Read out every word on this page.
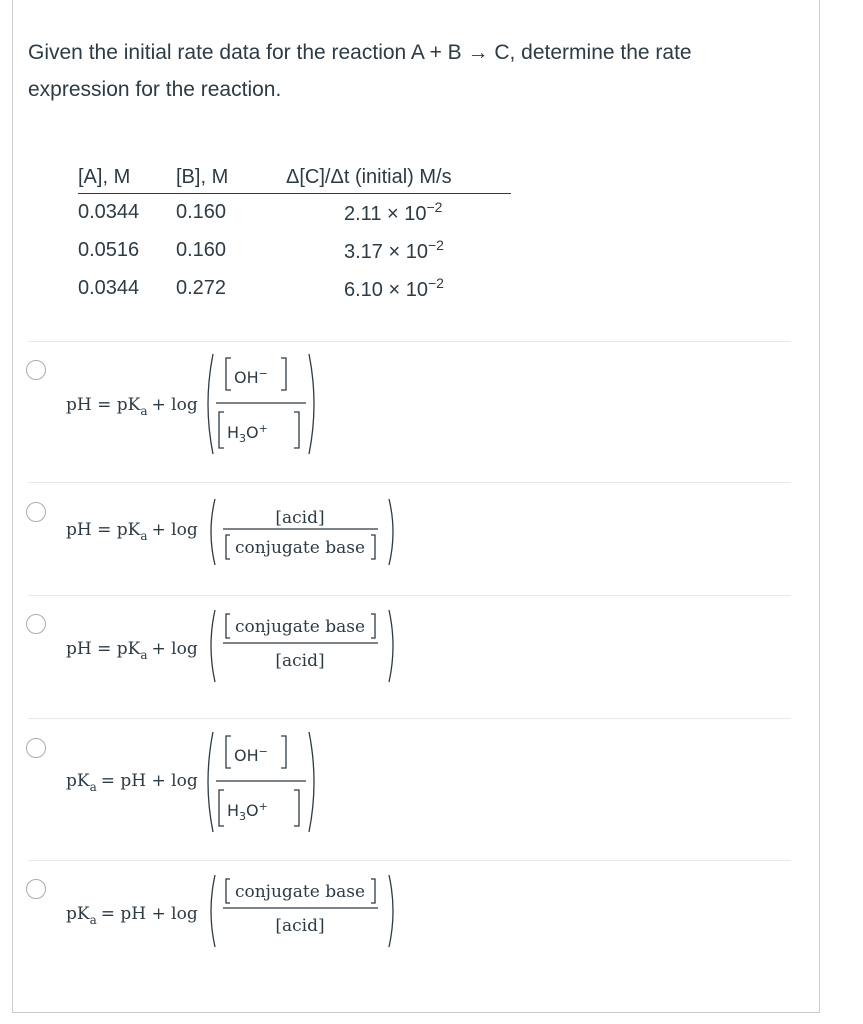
Given the initial rate data for the reaction A + B → C, determine the rate expression for the reaction.
[A], M	[B], M	Δ[C]/Δt (initial) M/s
0.0344	0.160	$2.11 \times 10^{-2}$
0.0516	0.160	$3.17 \times 10^{-2}$
0.0344	0.272	$6.10 \times 10^{-2}$
pH = $pK_a + \log$
OH−
$H_3O^+$
pH = $pK_a + \log$
[acid]
conjugate base
pH = $pK_a + \log$
conjugate base
[acid]
$pK_a$ = pH + log
OH−
$H_3O^+$
$pK_a$ = pH + log
conjugate base
[acid]
